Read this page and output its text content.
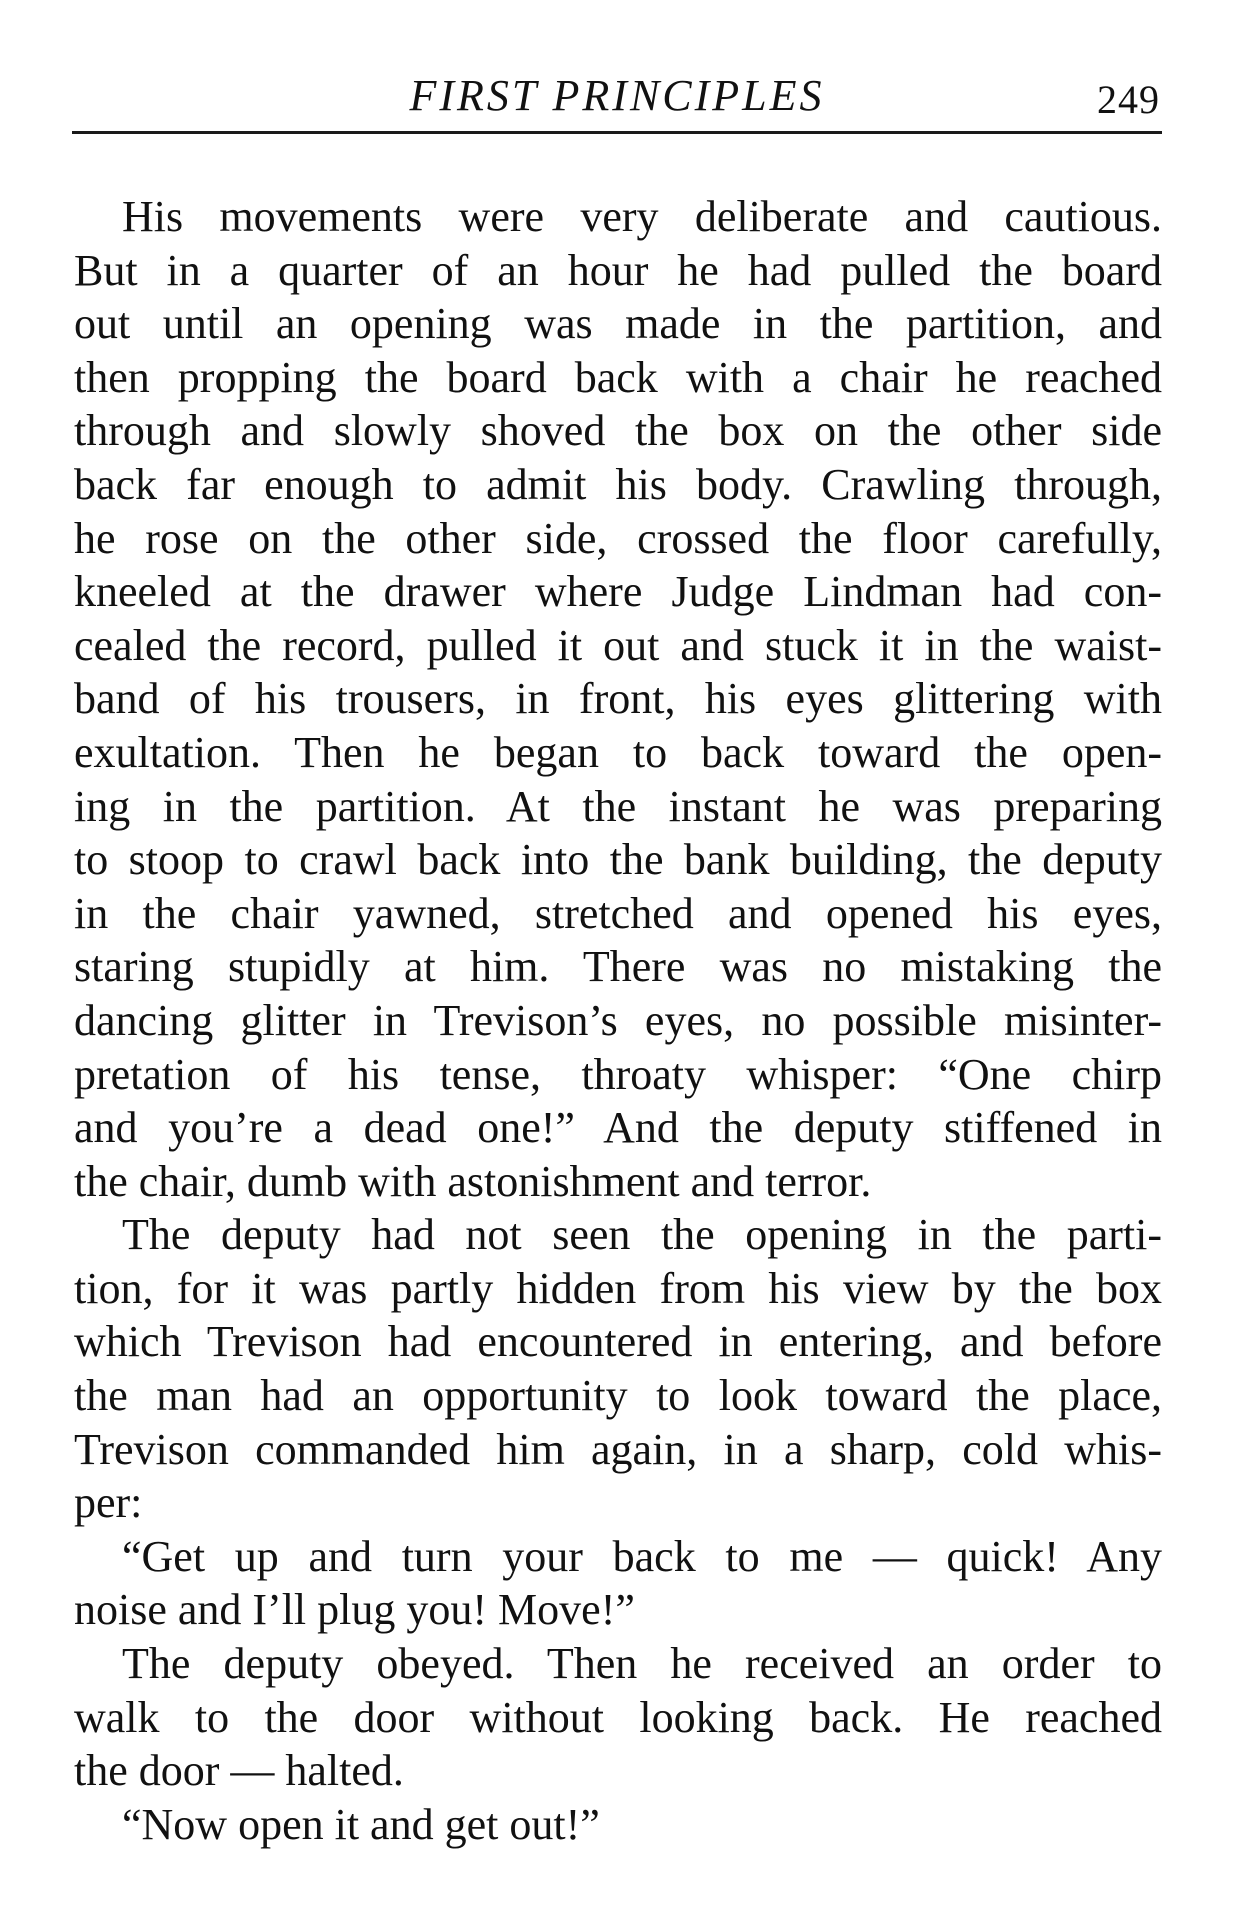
FIRST PRINCIPLES	249
His movements were very deliberate and cautious.
But in a quarter of an hour he had pulled the board
out until an opening was made in the partition, and
then propping the board back with a chair he reached
through and slowly shoved the box on the other side
back far enough to admit his body. Crawling through,
he rose on the other side, crossed the floor carefully,
kneeled at the drawer where Judge Lindman had con-
cealed the record, pulled it out and stuck it in the waist-
band of his trousers, in front, his eyes glittering with
exultation. Then he began to back toward the open-
ing in the partition. At the instant he was preparing
to stoop to crawl back into the bank building, the deputy
in the chair yawned, stretched and opened his eyes,
staring stupidly at him. There was no mistaking the
dancing glitter in Trevison’s eyes, no possible misinter-
pretation of his tense, throaty whisper: “One chirp
and you’re a dead one!” And the deputy stiffened in
the chair, dumb with astonishment and terror.
The deputy had not seen the opening in the parti-
tion, for it was partly hidden from his view by the box
which Trevison had encountered in entering, and before
the man had an opportunity to look toward the place,
Trevison commanded him again, in a sharp, cold whis-
per:
“Get up and turn your back to me — quick! Any
noise and I’ll plug you! Move!”
The deputy obeyed. Then he received an order to
walk to the door without looking back. He reached
the door — halted.
“Now open it and get out!”
